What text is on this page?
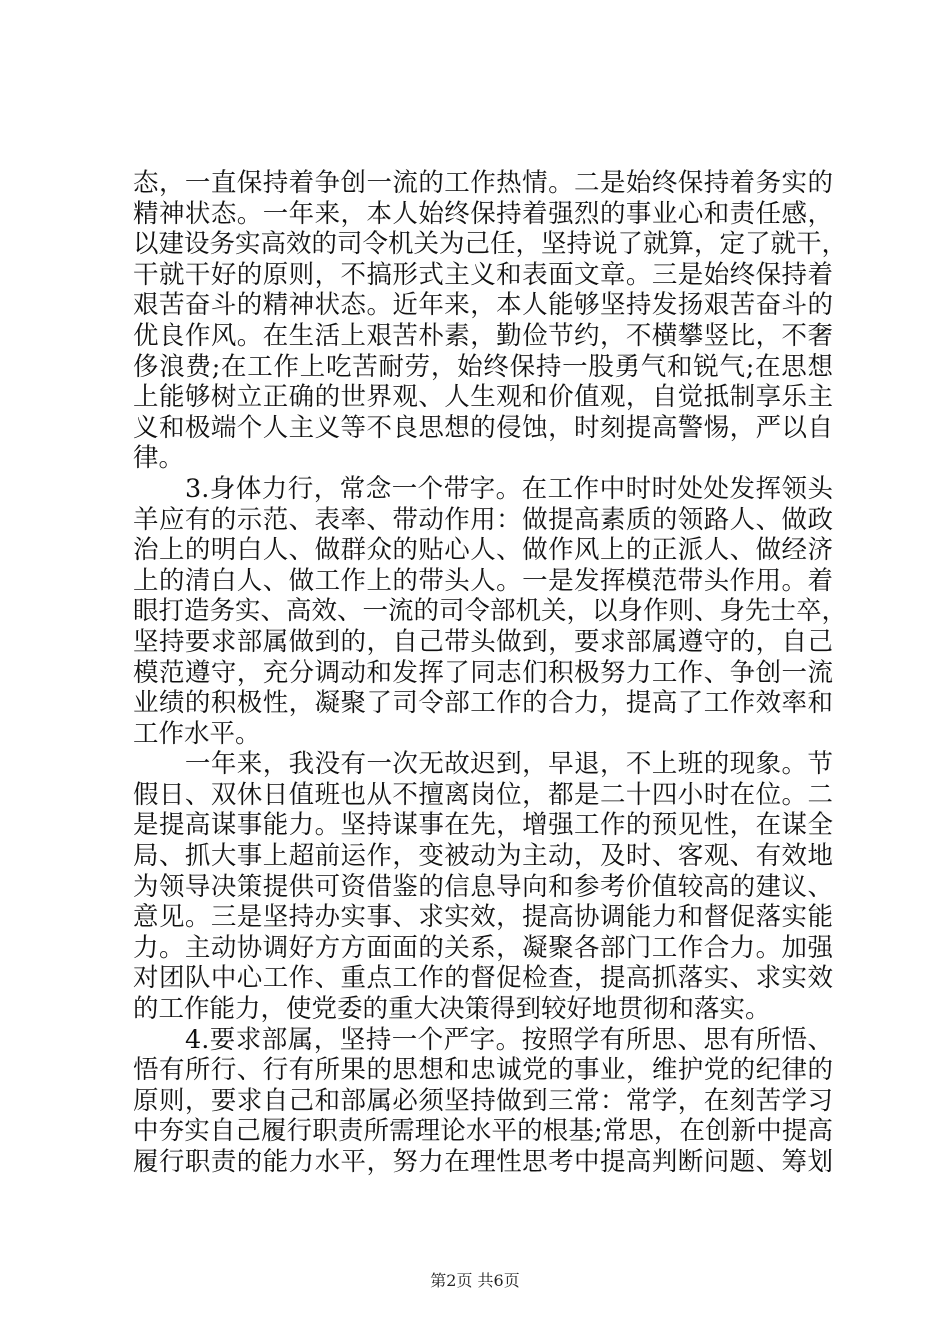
态，一直保持着争创一流的工作热情。二是始终保持着务实的
精神状态。一年来，本人始终保持着强烈的事业心和责任感，
以建设务实高效的司令机关为己任，坚持说了就算，定了就干，
干就干好的原则，不搞形式主义和表面文章。三是始终保持着
艰苦奋斗的精神状态。近年来，本人能够坚持发扬艰苦奋斗的
优良作风。在生活上艰苦朴素，勤俭节约，不横攀竖比，不奢
侈浪费;在工作上吃苦耐劳，始终保持一股勇气和锐气;在思想
上能够树立正确的世界观、人生观和价值观，自觉抵制享乐主
义和极端个人主义等不良思想的侵蚀，时刻提高警惕，严以自
律。
　　3.身体力行，常念一个带字。在工作中时时处处发挥领头
羊应有的示范、表率、带动作用：做提高素质的领路人、做政
治上的明白人、做群众的贴心人、做作风上的正派人、做经济
上的清白人、做工作上的带头人。一是发挥模范带头作用。着
眼打造务实、高效、一流的司令部机关，以身作则、身先士卒，
坚持要求部属做到的，自己带头做到，要求部属遵守的，自己
模范遵守，充分调动和发挥了同志们积极努力工作、争创一流
业绩的积极性，凝聚了司令部工作的合力，提高了工作效率和
工作水平。
　　一年来，我没有一次无故迟到，早退，不上班的现象。节
假日、双休日值班也从不擅离岗位，都是二十四小时在位。二
是提高谋事能力。坚持谋事在先，增强工作的预见性，在谋全
局、抓大事上超前运作，变被动为主动，及时、客观、有效地
为领导决策提供可资借鉴的信息导向和参考价值较高的建议、
意见。三是坚持办实事、求实效，提高协调能力和督促落实能
力。主动协调好方方面面的关系，凝聚各部门工作合力。加强
对团队中心工作、重点工作的督促检查，提高抓落实、求实效
的工作能力，使党委的重大决策得到较好地贯彻和落实。
　　4.要求部属，坚持一个严字。按照学有所思、思有所悟、
悟有所行、行有所果的思想和忠诚党的事业，维护党的纪律的
原则，要求自己和部属必须坚持做到三常：常学，在刻苦学习
中夯实自己履行职责所需理论水平的根基;常思，在创新中提高
履行职责的能力水平，努力在理性思考中提高判断问题、筹划
第2页 共6页
